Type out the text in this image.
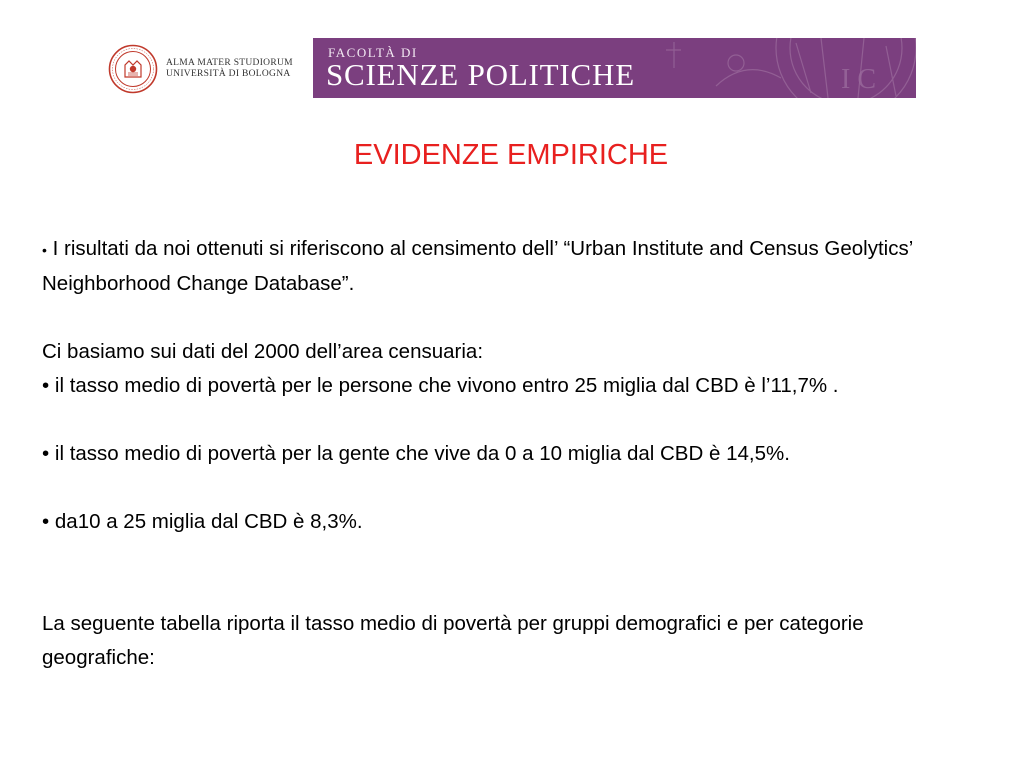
ALMA MATER STUDIORUM
UNIVERSITÀ DI BOLOGNA	I C
FACOLTÀ DI
SCIENZE POLITICHE
EVIDENZE EMPIRICHE

• I risultati da noi ottenuti si riferiscono al censimento dell’ “Urban Institute and Census Geolytics’ Neighborhood Change Database”.

Ci basiamo sui dati del 2000 dell’area censuaria:

• il tasso medio di povertà per le persone che vivono entro 25 miglia dal CBD è l’11,7% .

• il tasso medio di povertà per la gente che vive da 0 a 10 miglia dal CBD è 14,5%.

• da10 a 25 miglia dal CBD è 8,3%.

La seguente tabella riporta il tasso medio di povertà per gruppi demografici e per categorie geografiche:
